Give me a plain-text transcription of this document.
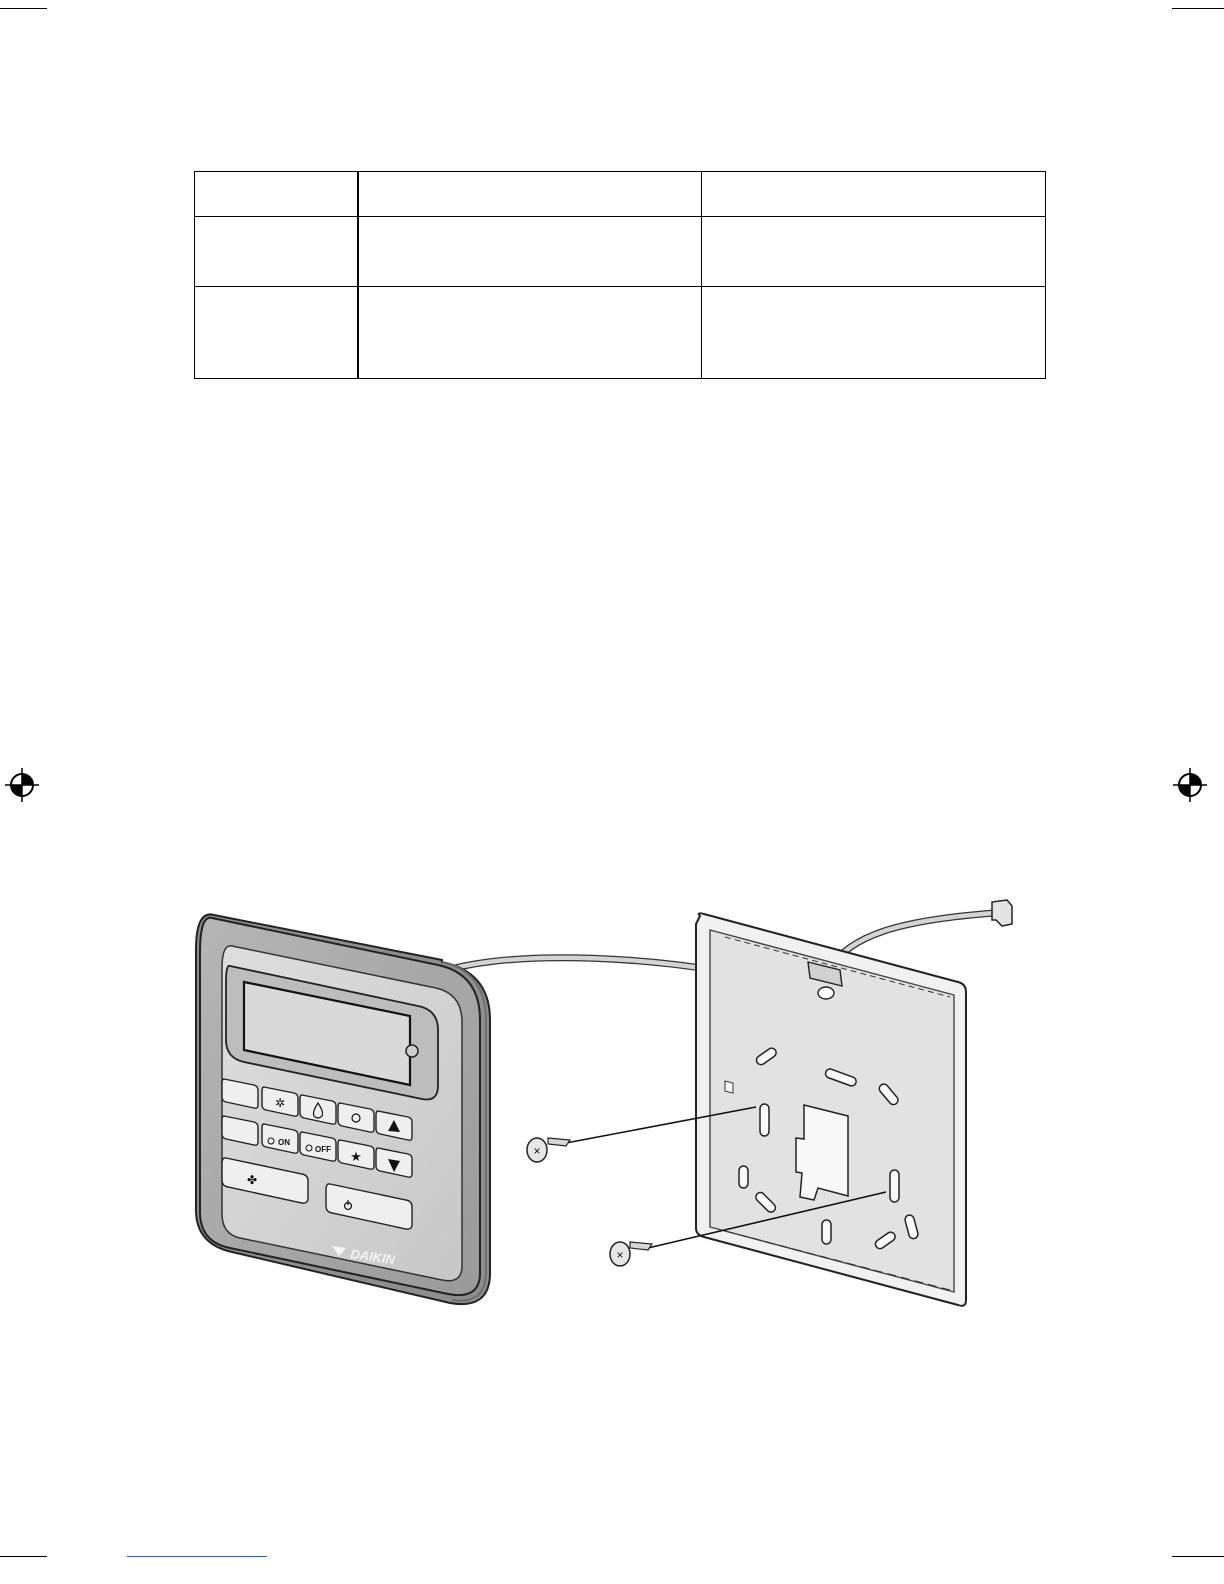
✲
ON
OFF
★
✤
DAIKIN
×
×
